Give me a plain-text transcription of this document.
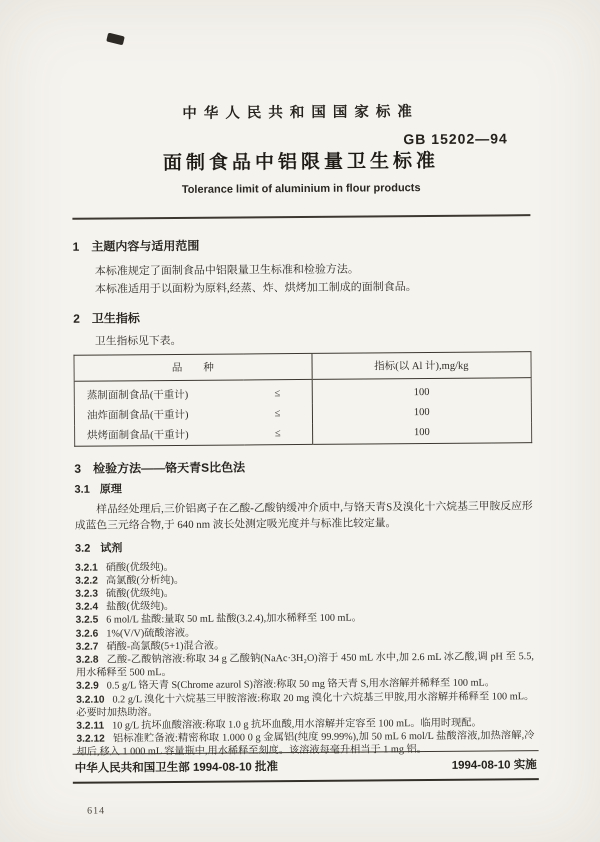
中华人民共和国国家标准
GB 15202—94
面制食品中铝限量卫生标准
Tolerance limit of aluminium in flour products
1 主题内容与适用范围

本标准规定了面制食品中铝限量卫生标准和检验方法。

本标准适用于以面粉为原料,经蒸、炸、烘烤加工制成的面制食品。

2 卫生指标

卫生指标见下表。

品　　种		指标(以 Al 计),mg/kg
蒸制面制食品(干重计)	≤	100
油炸面制食品(干重计)	≤	100
烘烤面制食品(干重计)	≤	100
3 检验方法——铬天青S比色法
3.1 原理

样品经处理后,三价铝离子在乙酸-乙酸钠缓冲介质中,与铬天青S及溴化十六烷基三甲胺反应形成蓝色三元络合物,于 640 nm 波长处测定吸光度并与标准比较定量。

3.2 试剂

3.2.1 硝酸(优级纯)。

3.2.2 高氯酸(分析纯)。

3.2.3 硫酸(优级纯)。

3.2.4 盐酸(优级纯)。

3.2.5 6 mol/L 盐酸:量取 50 mL 盐酸(3.2.4),加水稀释至 100 mL。

3.2.6 1%(V/V)硫酸溶液。

3.2.7 硝酸-高氯酸(5+1)混合液。

3.2.8 乙酸-乙酸钠溶液:称取 34 g 乙酸钠(NaAc·3H₂O)溶于 450 mL 水中,加 2.6 mL 冰乙酸,调 pH 至 5.5,用水稀释至 500 mL。

3.2.9 0.5 g/L 铬天青 S(Chrome azurol S)溶液:称取 50 mg 铬天青 S,用水溶解并稀释至 100 mL。

3.2.10 0.2 g/L 溴化十六烷基三甲胺溶液:称取 20 mg 溴化十六烷基三甲胺,用水溶解并稀释至 100 mL。必要时加热助溶。

3.2.11 10 g/L 抗坏血酸溶液:称取 1.0 g 抗坏血酸,用水溶解并定容至 100 mL。临用时现配。

3.2.12 铝标准贮备液:精密称取 1.000 0 g 金属铝(纯度 99.99%),加 50 mL 6 mol/L 盐酸溶液,加热溶解,冷却后,移入 1 000 mL 容量瓶中,用水稀释至刻度。该溶液每毫升相当于 1 mg 铝。

中华人民共和国卫生部 1994-08-10 批准	1994-08-10 实施
614
